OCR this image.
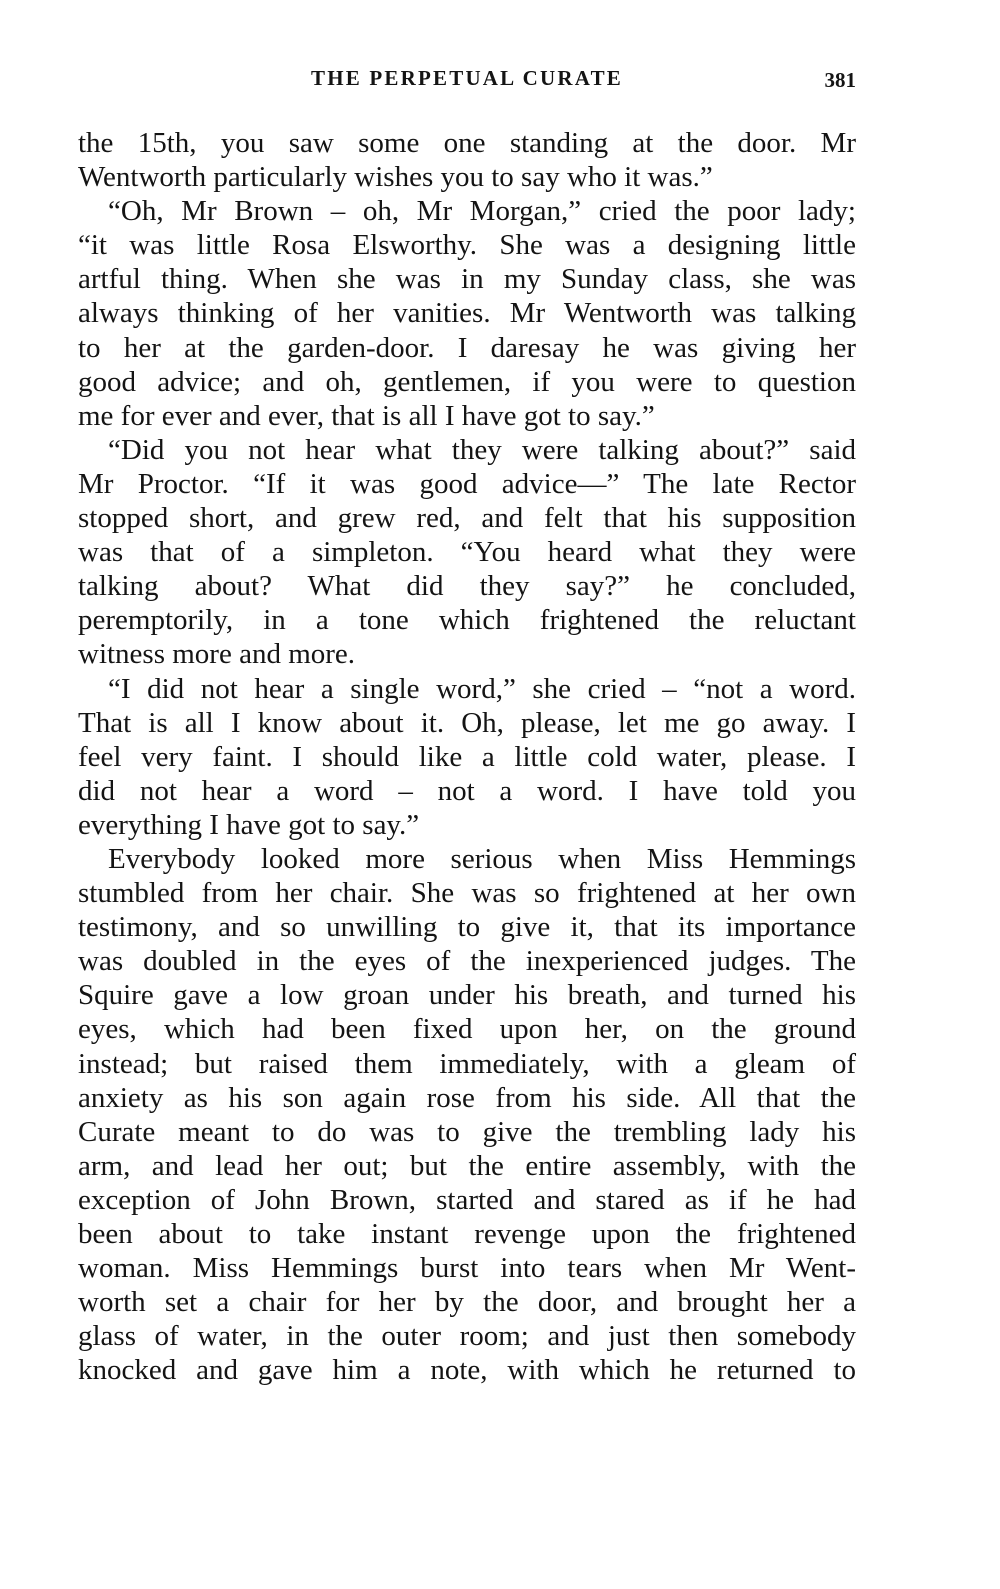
THE PERPETUAL CURATE	381
the 15th, you saw some one standing at the door. Mr
Wentworth particularly wishes you to say who it was.”
“Oh, Mr Brown – oh, Mr Morgan,” cried the poor lady;
“it was little Rosa Elsworthy. She was a designing little
artful thing. When she was in my Sunday class, she was
always thinking of her vanities. Mr Wentworth was talking
to her at the garden-door. I daresay he was giving her
good advice; and oh, gentlemen, if you were to question
me for ever and ever, that is all I have got to say.”
“Did you not hear what they were talking about?” said
Mr Proctor. “If it was good advice—” The late Rector
stopped short, and grew red, and felt that his supposition
was that of a simpleton. “You heard what they were
talking about? What did they say?” he concluded,
peremptorily, in a tone which frightened the reluctant
witness more and more.
“I did not hear a single word,” she cried – “not a word.
That is all I know about it. Oh, please, let me go away. I
feel very faint. I should like a little cold water, please. I
did not hear a word – not a word. I have told you
everything I have got to say.”
Everybody looked more serious when Miss Hemmings
stumbled from her chair. She was so frightened at her own
testimony, and so unwilling to give it, that its importance
was doubled in the eyes of the inexperienced judges. The
Squire gave a low groan under his breath, and turned his
eyes, which had been fixed upon her, on the ground
instead; but raised them immediately, with a gleam of
anxiety as his son again rose from his side. All that the
Curate meant to do was to give the trembling lady his
arm, and lead her out; but the entire assembly, with the
exception of John Brown, started and stared as if he had
been about to take instant revenge upon the frightened
woman. Miss Hemmings burst into tears when Mr Went-
worth set a chair for her by the door, and brought her a
glass of water, in the outer room; and just then somebody
knocked and gave him a note, with which he returned to
